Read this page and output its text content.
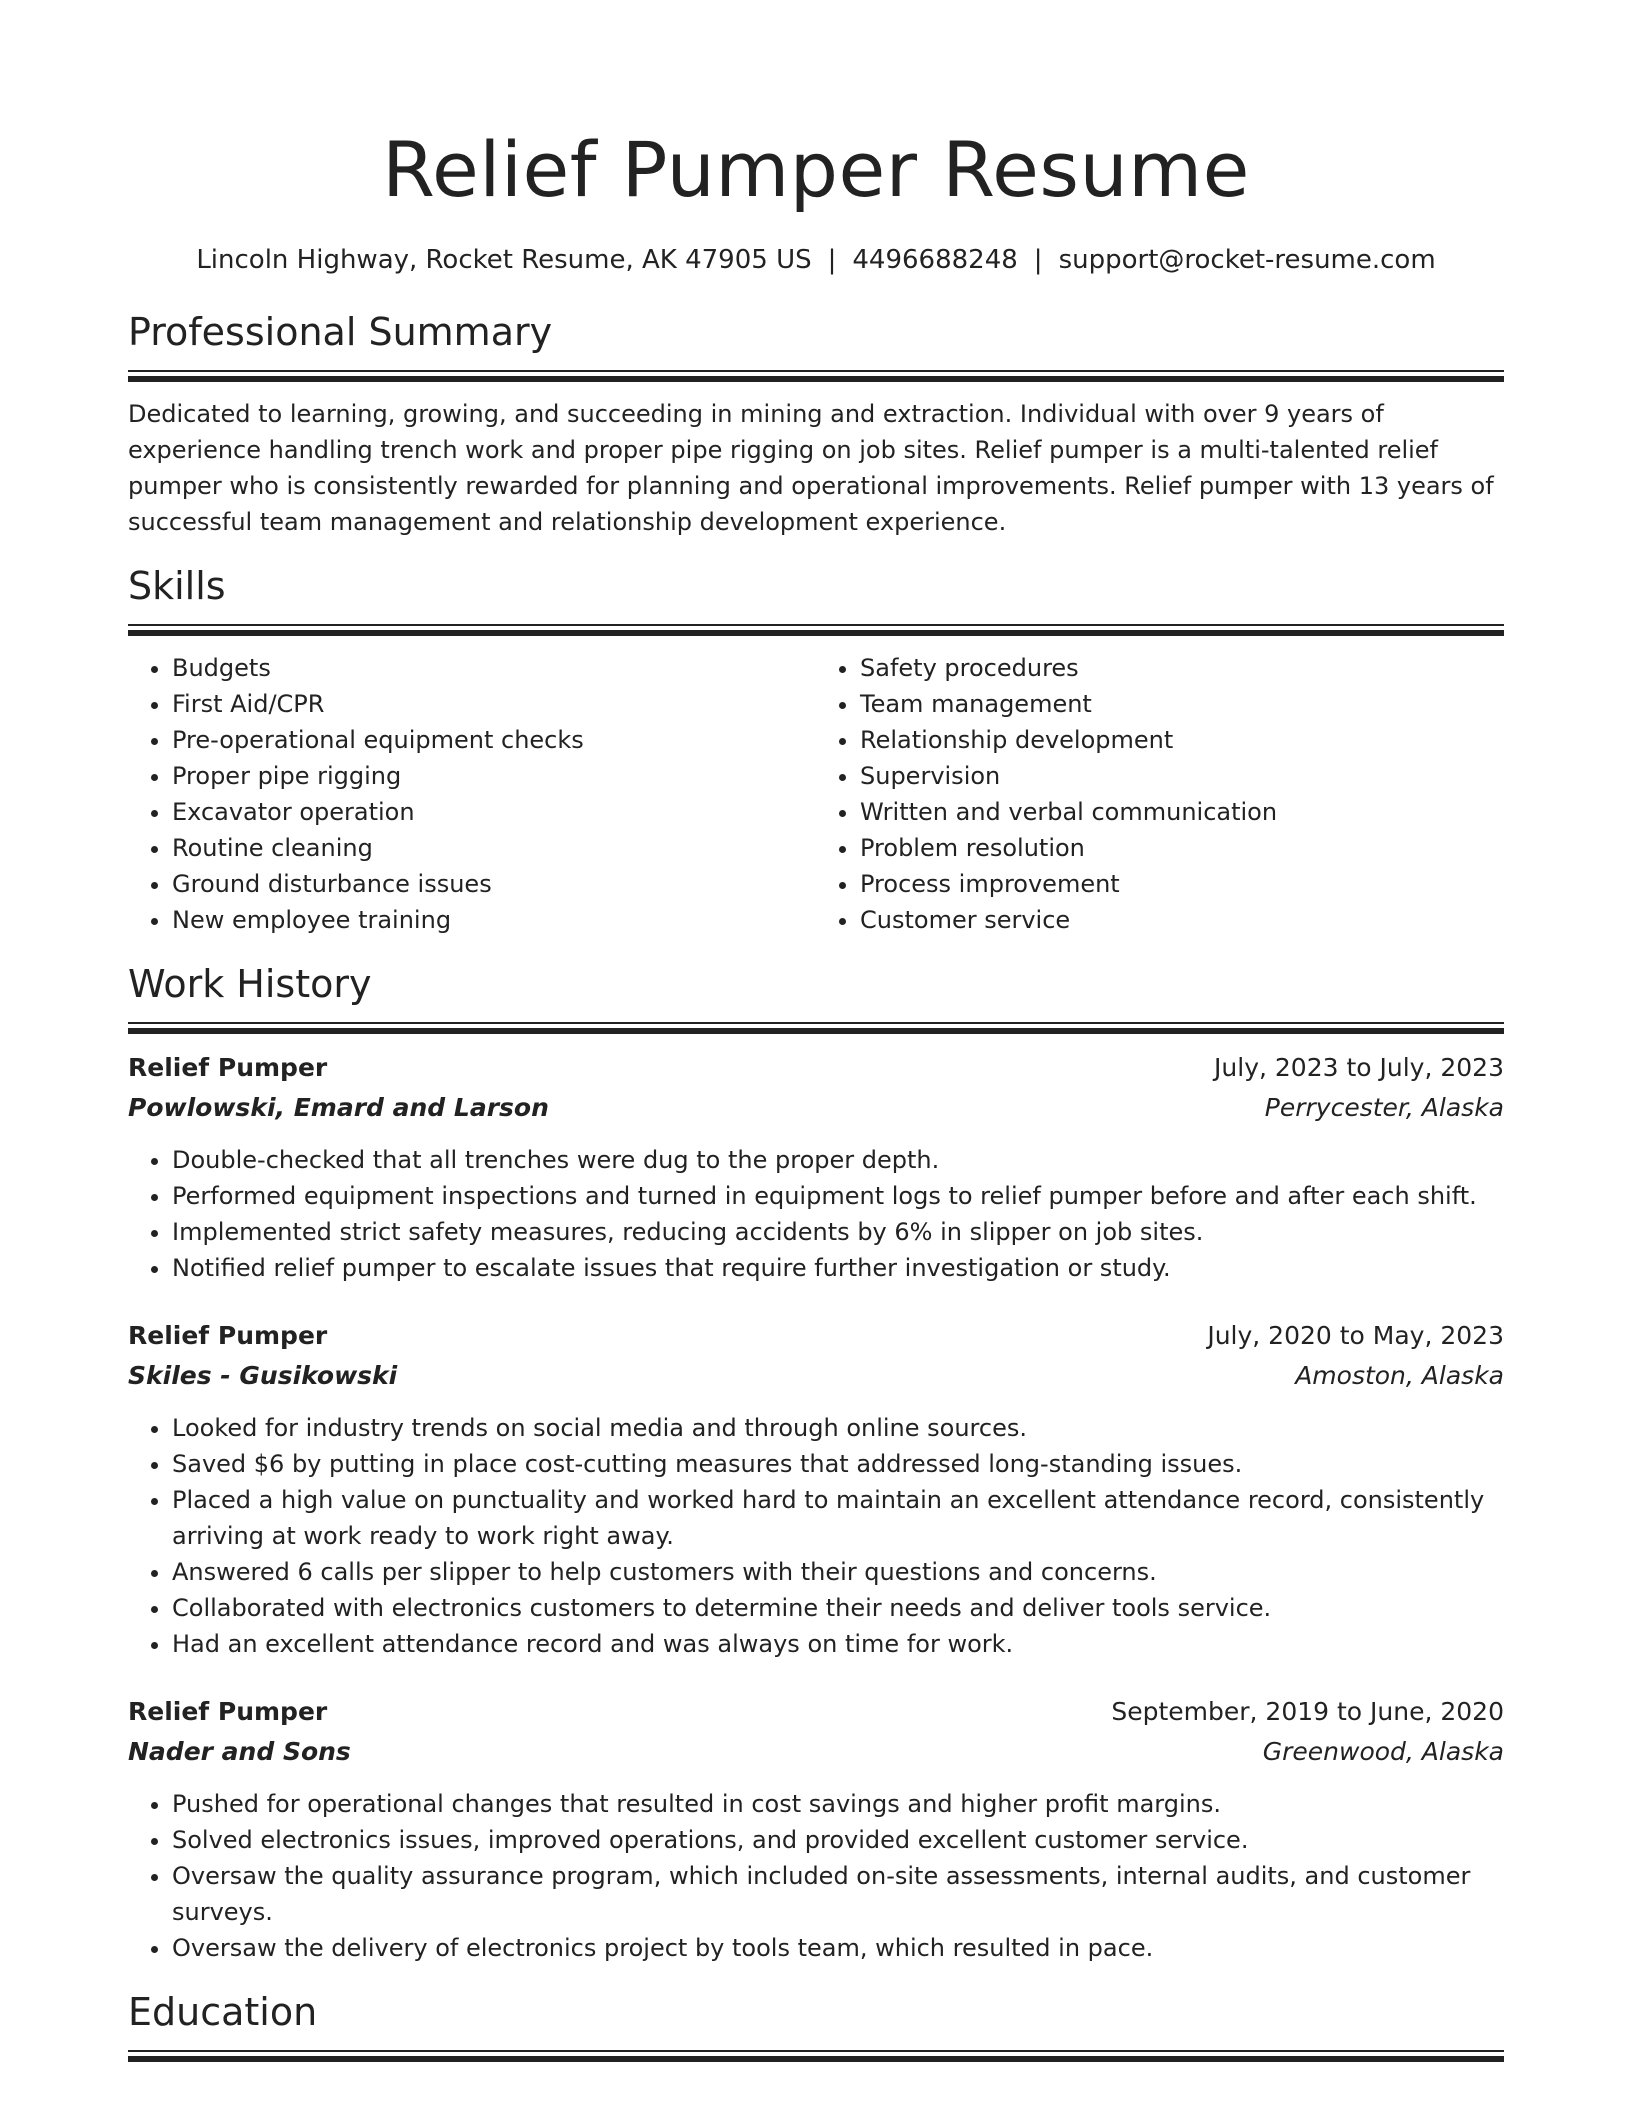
Relief Pumper Resume
Lincoln Highway, Rocket Resume, AK 47905 US | 4496688248 | support@rocket-resume.com
Professional Summary
Dedicated to learning, growing, and succeeding in mining and extraction. Individual with over 9 years of experience handling trench work and proper pipe rigging on job sites. Relief pumper is a multi-talented relief pumper who is consistently rewarded for planning and operational improvements. Relief pumper with 13 years of successful team management and relationship development experience.
Skills
• Budgets
• First Aid/CPR
• Pre-operational equipment checks
• Proper pipe rigging
• Excavator operation
• Routine cleaning
• Ground disturbance issues
• New employee training
• Safety procedures
• Team management
• Relationship development
• Supervision
• Written and verbal communication
• Problem resolution
• Process improvement
• Customer service
Work History
Relief Pumper	July, 2023 to July, 2023
Powlowski, Emard and Larson	Perrycester, Alaska
• Double-checked that all trenches were dug to the proper depth.
• Performed equipment inspections and turned in equipment logs to relief pumper before and after each shift.
• Implemented strict safety measures, reducing accidents by 6% in slipper on job sites.
• Notified relief pumper to escalate issues that require further investigation or study.
Relief Pumper	July, 2020 to May, 2023
Skiles - Gusikowski	Amoston, Alaska
• Looked for industry trends on social media and through online sources.
• Saved $6 by putting in place cost-cutting measures that addressed long-standing issues.
• Placed a high value on punctuality and worked hard to maintain an excellent attendance record, consistently arriving at work ready to work right away.
• Answered 6 calls per slipper to help customers with their questions and concerns.
• Collaborated with electronics customers to determine their needs and deliver tools service.
• Had an excellent attendance record and was always on time for work.
Relief Pumper	September, 2019 to June, 2020
Nader and Sons	Greenwood, Alaska
• Pushed for operational changes that resulted in cost savings and higher profit margins.
• Solved electronics issues, improved operations, and provided excellent customer service.
• Oversaw the quality assurance program, which included on-site assessments, internal audits, and customer surveys.
• Oversaw the delivery of electronics project by tools team, which resulted in pace.
Education
